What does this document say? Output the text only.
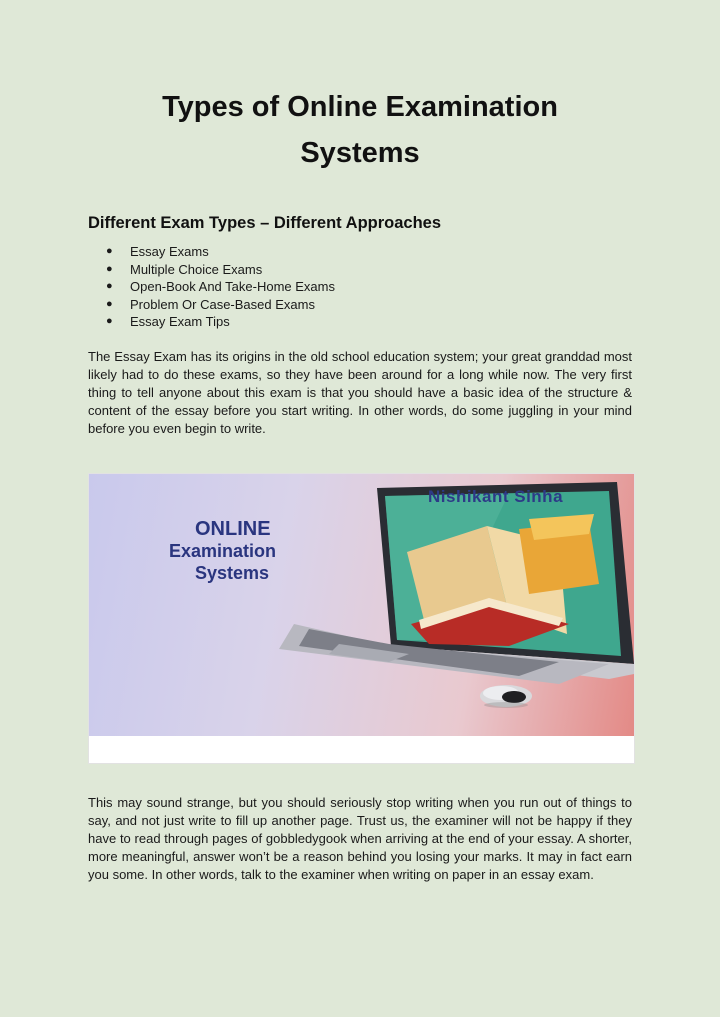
Types of Online Examination Systems
Different Exam Types – Different Approaches
● Essay Exams
● Multiple Choice Exams
● Open-Book And Take-Home Exams
● Problem Or Case-Based Exams
● Essay Exam Tips

The Essay Exam has its origins in the old school education system; your great granddad most likely had to do these exams, so they have been around for a long while now. The very first thing to tell anyone about this exam is that you should have a basic idea of the structure & content of the essay before you start writing. In other words, do some juggling in your mind before you even begin to write.

Nishikant Sinha
ONLINE
Examination
Systems

This may sound strange, but you should seriously stop writing when you run out of things to say, and not just write to fill up another page. Trust us, the examiner will not be happy if they have to read through pages of gobbledygook when arriving at the end of your essay. A shorter, more meaningful, answer won’t be a reason behind you losing your marks. It may in fact earn you some. In other words, talk to the examiner when writing on paper in an essay exam.
